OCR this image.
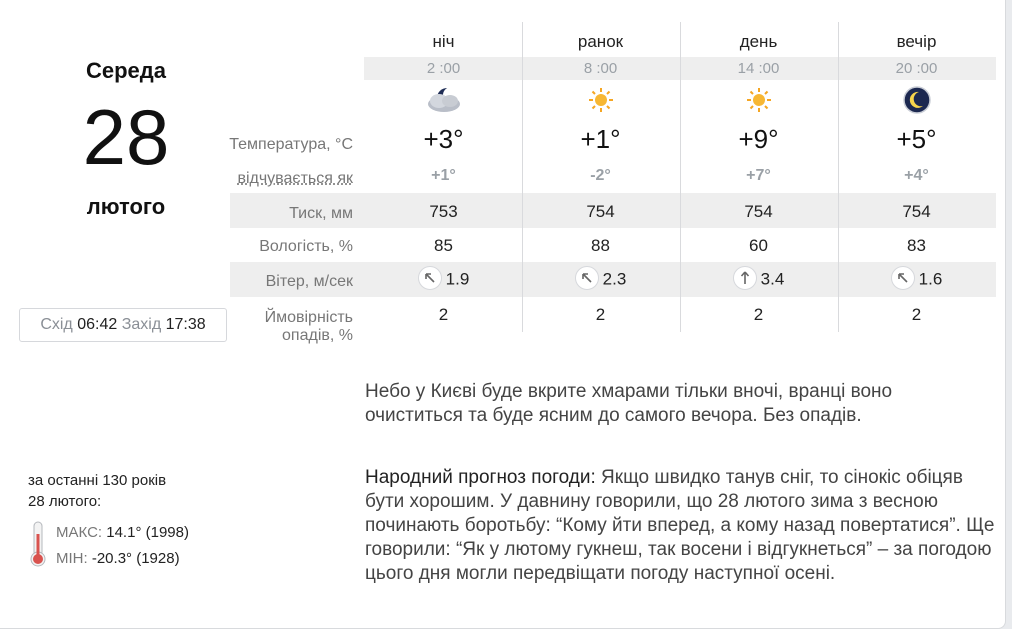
Середа
28
лютого
Схід 06:42 Захід 17:38
Температура, °С
відчувається як
Тиск, мм
Вологість, %
Вітер, м/сек
Ймовірність
опадів, %
ніч
2 :00
+3°
+1°
753
85
1.9
2
ранок
8 :00
+1°
-2°
754
88
2.3
2
день
14 :00
+9°
+7°
754
60
3.4
2
вечір
20 :00
+5°
+4°
754
83
1.6
2
Небо у Києві буде вкрите хмарами тільки вночі, вранці воно очиститься та буде ясним до самого вечора. Без опадів.
Народний прогноз погоди: Якщо швидко танув сніг, то сінокіс обіцяв бути хорошим. У давнину говорили, що 28 лютого зима з весною починають боротьбу: “Кому йти вперед, а кому назад повертатися”. Ще говорили: “Як у лютому гукнеш, так восени і відгукнеться” – за погодою цього дня могли передвіщати погоду наступної осені.
за останні 130 років
28 лютого:
МАКС: 14.1° (1998)
МІН: -20.3° (1928)
